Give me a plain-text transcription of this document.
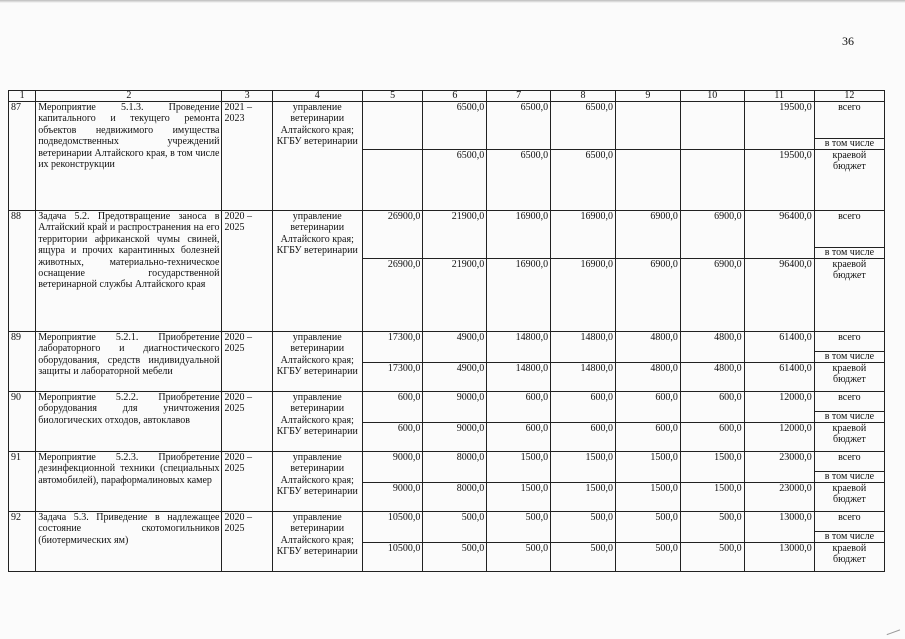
36
1	2	3	4	5	6	7	8	9	10	11	12
87	Мероприятие 5.1.3. Проведение капитального и текущего ремонта объектов недвижимого имущества подведомственных учреждений ветеринарии Алтайского края, в том числе их реконструкции	2021 – 2023	управление ветеринарии Алтайского края; КГБУ ветеринарии		6500,0	6500,0	6500,0			19500,0	всего
											в том числе
					6500,0	6500,0	6500,0			19500,0	краевой бюджет
88	Задача 5.2. Предотвращение заноса в Алтайский край и распространения на его территории африканской чумы свиней, ящура и прочих карантинных болезней животных, материально-техническое оснащение государственной ветеринарной службы Алтайского края	2020 – 2025	управление ветеринарии Алтайского края; КГБУ ветеринарии	26900,0	21900,0	16900,0	16900,0	6900,0	6900,0	96400,0	всего
											в том числе
				26900,0	21900,0	16900,0	16900,0	6900,0	6900,0	96400,0	краевой бюджет
89	Мероприятие 5.2.1. Приобретение лабораторного и диагностического оборудования, средств индивидуальной защиты и лабораторной мебели	2020 – 2025	управление ветеринарии Алтайского края; КГБУ ветеринарии	17300,0	4900,0	14800,0	14800,0	4800,0	4800,0	61400,0	всего
											в том числе
				17300,0	4900,0	14800,0	14800,0	4800,0	4800,0	61400,0	краевой бюджет
90	Мероприятие 5.2.2. Приобретение оборудования для уничтожения биологических отходов, автоклавов	2020 – 2025	управление ветеринарии Алтайского края; КГБУ ветеринарии	600,0	9000,0	600,0	600,0	600,0	600,0	12000,0	всего
											в том числе
				600,0	9000,0	600,0	600,0	600,0	600,0	12000,0	краевой бюджет
91	Мероприятие 5.2.3. Приобретение дезинфекционной техники (специальных автомобилей), параформалиновых камер	2020 – 2025	управление ветеринарии Алтайского края; КГБУ ветеринарии	9000,0	8000,0	1500,0	1500,0	1500,0	1500,0	23000,0	всего
											в том числе
				9000,0	8000,0	1500,0	1500,0	1500,0	1500,0	23000,0	краевой бюджет
92	Задача 5.3. Приведение в надлежащее состояние скотомогильников (биотермических ям)	2020 – 2025	управление ветеринарии Алтайского края; КГБУ ветеринарии	10500,0	500,0	500,0	500,0	500,0	500,0	13000,0	всего
											в том числе
				10500,0	500,0	500,0	500,0	500,0	500,0	13000,0	краевой бюджет
